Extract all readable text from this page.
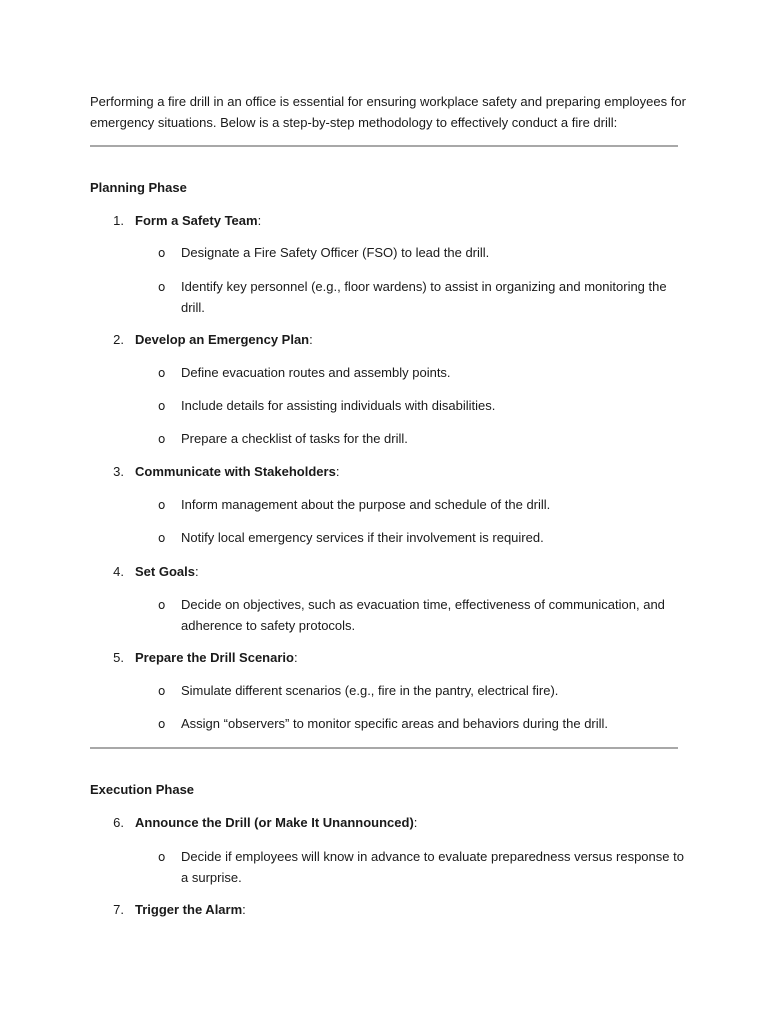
Performing a fire drill in an office is essential for ensuring workplace safety and preparing employees for emergency situations. Below is a step-by-step methodology to effectively conduct a fire drill:
Planning Phase
1. Form a Safety Team:
o Designate a Fire Safety Officer (FSO) to lead the drill.
o Identify key personnel (e.g., floor wardens) to assist in organizing and monitoring the drill.
2. Develop an Emergency Plan:
o Define evacuation routes and assembly points.
o Include details for assisting individuals with disabilities.
o Prepare a checklist of tasks for the drill.
3. Communicate with Stakeholders:
o Inform management about the purpose and schedule of the drill.
o Notify local emergency services if their involvement is required.
4. Set Goals:
o Decide on objectives, such as evacuation time, effectiveness of communication, and adherence to safety protocols.
5. Prepare the Drill Scenario:
o Simulate different scenarios (e.g., fire in the pantry, electrical fire).
o Assign “observers” to monitor specific areas and behaviors during the drill.
Execution Phase
6. Announce the Drill (or Make It Unannounced):
o Decide if employees will know in advance to evaluate preparedness versus response to a surprise.
7. Trigger the Alarm:
